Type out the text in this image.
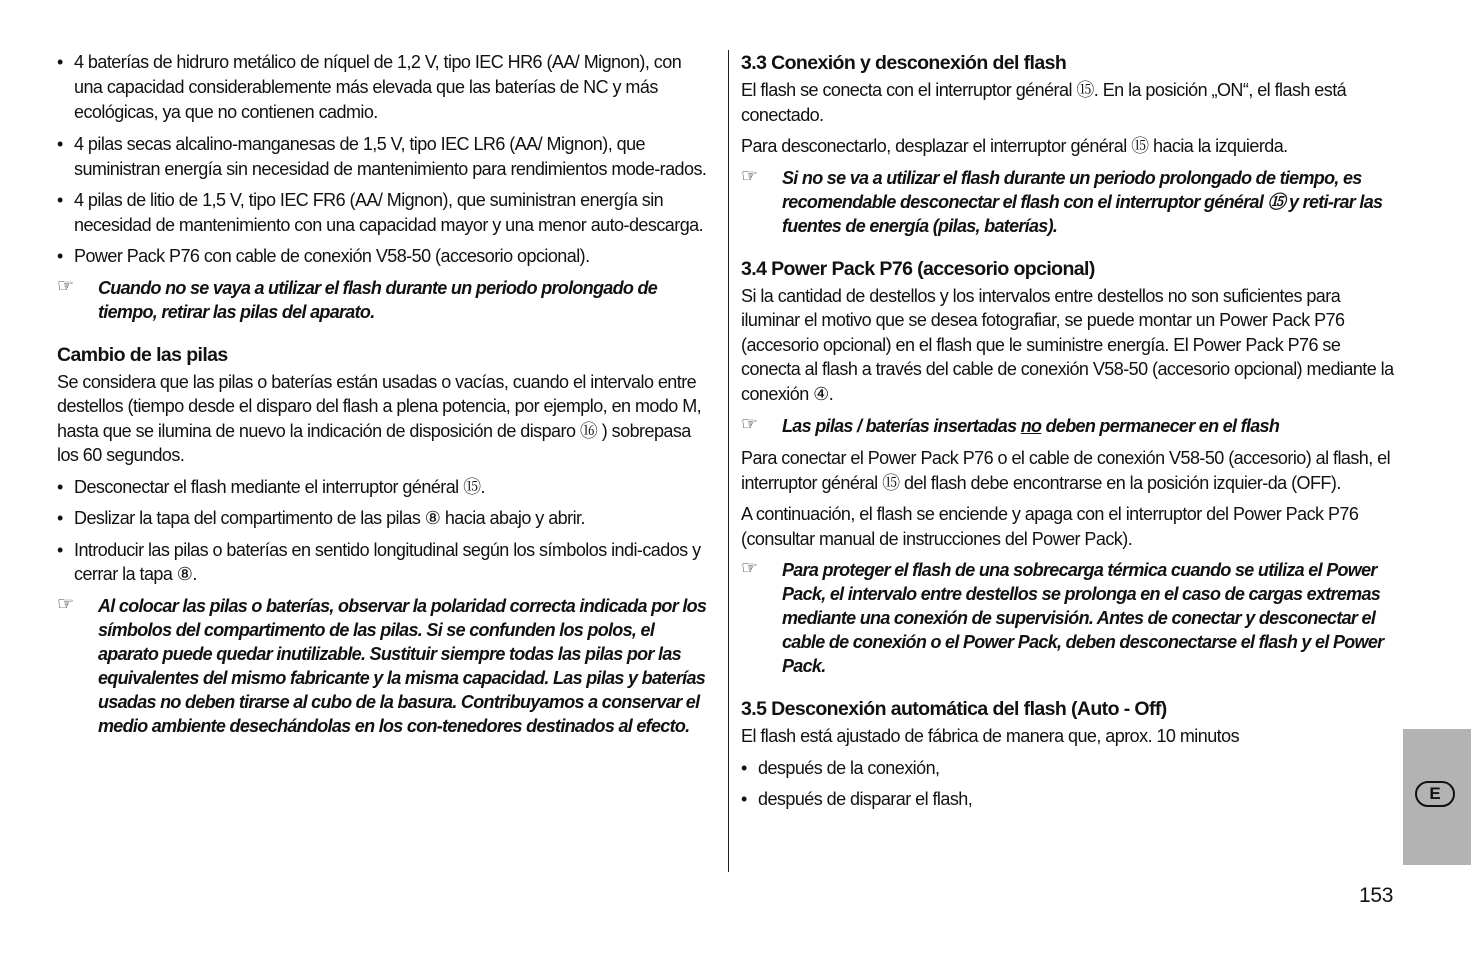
• 4 baterías de hidruro metálico de níquel de 1,2 V, tipo IEC HR6 (AA/ Mignon), con una capacidad considerablemente más elevada que las baterías de NC y más ecológicas, ya que no contienen cadmio.
• 4 pilas secas alcalino-manganesas de 1,5 V, tipo IEC LR6 (AA/ Mignon), que suministran energía sin necesidad de mantenimiento para rendimientos mode-rados.
• 4 pilas de litio de 1,5 V, tipo IEC FR6 (AA/ Mignon), que suministran energía sin necesidad de mantenimiento con una capacidad mayor y una menor auto-descarga.
• Power Pack P76 con cable de conexión V58-50 (accesorio opcional).
☞ Cuando no se vaya a utilizar el flash durante un periodo prolongado de tiempo, retirar las pilas del aparato.
Cambio de las pilas

Se considera que las pilas o baterías están usadas o vacías, cuando el intervalo entre destellos (tiempo desde el disparo del flash a plena potencia, por ejemplo, en modo M, hasta que se ilumina de nuevo la indicación de disposición de disparo ⑯ ) sobrepasa los 60 segundos.

• Desconectar el flash mediante el interruptor général ⑮.
• Deslizar la tapa del compartimento de las pilas ⑧ hacia abajo y abrir.
• Introducir las pilas o baterías en sentido longitudinal según los símbolos indi-cados y cerrar la tapa ⑧.
☞ Al colocar las pilas o baterías, observar la polaridad correcta indicada por los símbolos del compartimento de las pilas. Si se confunden los polos, el aparato puede quedar inutilizable. Sustituir siempre todas las pilas por las equivalentes del mismo fabricante y la misma capacidad. Las pilas y baterías usadas no deben tirarse al cubo de la basura. Contribuyamos a conservar el medio ambiente desechándolas en los con-tenedores destinados al efecto.
3.3 Conexión y desconexión del flash

El flash se conecta con el interruptor général ⑮. En la posición „ON“, el flash está conectado.

Para desconectarlo, desplazar el interruptor général ⑮ hacia la izquierda.

☞ Si no se va a utilizar el flash durante un periodo prolongado de tiempo, es recomendable desconectar el flash con el interruptor général ⑮ y reti-rar las fuentes de energía (pilas, baterías).
3.4 Power Pack P76 (accesorio opcional)

Si la cantidad de destellos y los intervalos entre destellos no son suficientes para iluminar el motivo que se desea fotografiar, se puede montar un Power Pack P76 (accesorio opcional) en el flash que le suministre energía. El Power Pack P76 se conecta al flash a través del cable de conexión V58-50 (accesorio opcional) mediante la conexión ④.

☞ Las pilas / baterías insertadas no deben permanecer en el flash

Para conectar el Power Pack P76 o el cable de conexión V58-50 (accesorio) al flash, el interruptor général ⑮ del flash debe encontrarse en la posición izquier-da (OFF).

A continuación, el flash se enciende y apaga con el interruptor del Power Pack P76 (consultar manual de instrucciones del Power Pack).

☞ Para proteger el flash de una sobrecarga térmica cuando se utiliza el Power Pack, el intervalo entre destellos se prolonga en el caso de cargas extremas mediante una conexión de supervisión. Antes de conectar y desconectar el cable de conexión o el Power Pack, deben desconectarse el flash y el Power Pack.
3.5 Desconexión automática del flash (Auto - Off)

El flash está ajustado de fábrica de manera que, aprox. 10 minutos

• después de la conexión,
• después de disparar el flash,	E
153
